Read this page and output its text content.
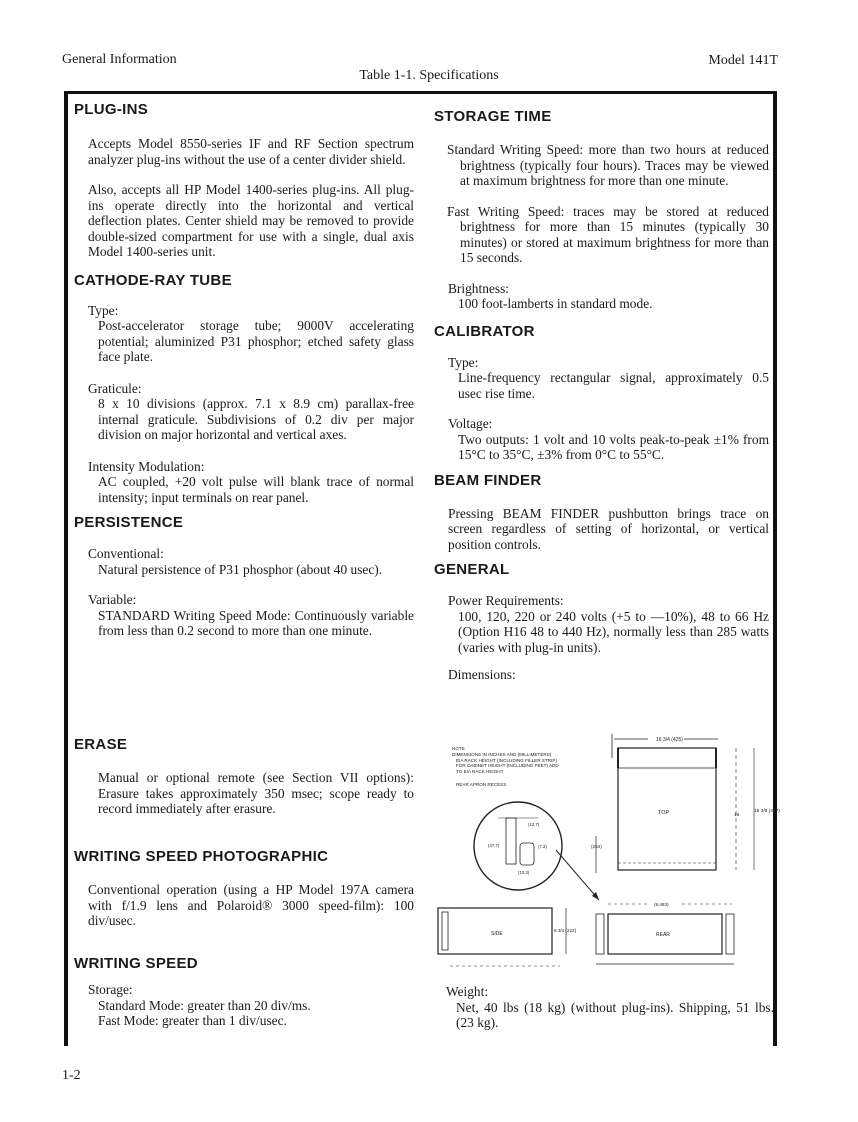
General Information	Model 141T
Table 1-1. Specifications
PLUG-INS

Accepts Model 8550-series IF and RF Section spectrum analyzer plug-ins without the use of a center divider shield.

Also, accepts all HP Model 1400-series plug-ins. All plug-ins operate directly into the horizontal and vertical deflection plates. Center shield may be removed to provide double-sized compartment for use with a single, dual axis Model 1400-series unit.

CATHODE-RAY TUBE

Type:

Post-accelerator storage tube; 9000V accelerating potential; aluminized P31 phosphor; etched safety glass face plate.

Graticule:

8 x 10 divisions (approx. 7.1 x 8.9 cm) parallax-free internal graticule. Subdivisions of 0.2 div per major division on major horizontal and vertical axes.

Intensity Modulation:

AC coupled, +20 volt pulse will blank trace of normal intensity; input terminals on rear panel.

PERSISTENCE

Conventional:

Natural persistence of P31 phosphor (about 40 usec).

Variable:

STANDARD Writing Speed Mode: Continuously variable from less than 0.2 second to more than one minute.

ERASE

Manual or optional remote (see Section VII options): Erasure takes approximately 350 msec; scope ready to record immediately after erasure.

WRITING SPEED PHOTOGRAPHIC

Conventional operation (using a HP Model 197A camera with f/1.9 lens and Polaroid® 3000 speed-film): 100 div/usec.

WRITING SPEED

Storage:

Standard Mode: greater than 20 div/ms.

Fast Mode: greater than 1 div/usec.

STORAGE TIME

Standard Writing Speed: more than two hours at reduced brightness (typically four hours). Traces may be viewed at maximum brightness for more than one minute.

Fast Writing Speed: traces may be stored at reduced brightness for more than 15 minutes (typically 30 minutes) or stored at maximum brightness for more than 15 seconds.

Brightness:

100 foot-lamberts in standard mode.

CALIBRATOR

Type:

Line-frequency rectangular signal, approximately 0.5 usec rise time.

Voltage:

Two outputs: 1 volt and 10 volts peak-to-peak ±1% from 15°C to 35°C, ±3% from 0°C to 55°C.

BEAM FINDER

Pressing BEAM FINDER pushbutton brings trace on screen regardless of setting of horizontal, or vertical position controls.

GENERAL

Power Requirements:

100, 120, 220 or 240 volts (+5 to —10%), 48 to 66 Hz (Option H16 48 to 440 Hz), normally less than 285 watts (varies with plug-in units).

Dimensions:

NOTE
DIMENSIONS IN INCHES AND (MILLIMETERS)
EIA RACK HEIGHT (INCLUDING FILLER STRIP)
FOR CABINET HEIGHT (INCLUDING FEET) ADD
TO EIA RACK HEIGHT
REAR APRON RECESS
16 3/4 (425)
TOP	16
18 3/8 (467)
(254)
(37.7)	(7.2)
(12.7)
(10.3)
SIDE
8 3/4 (222)
REAR
(9.483)

Weight:

Net, 40 lbs (18 kg) (without plug-ins). Shipping, 51 lbs. (23 kg).

1-2
